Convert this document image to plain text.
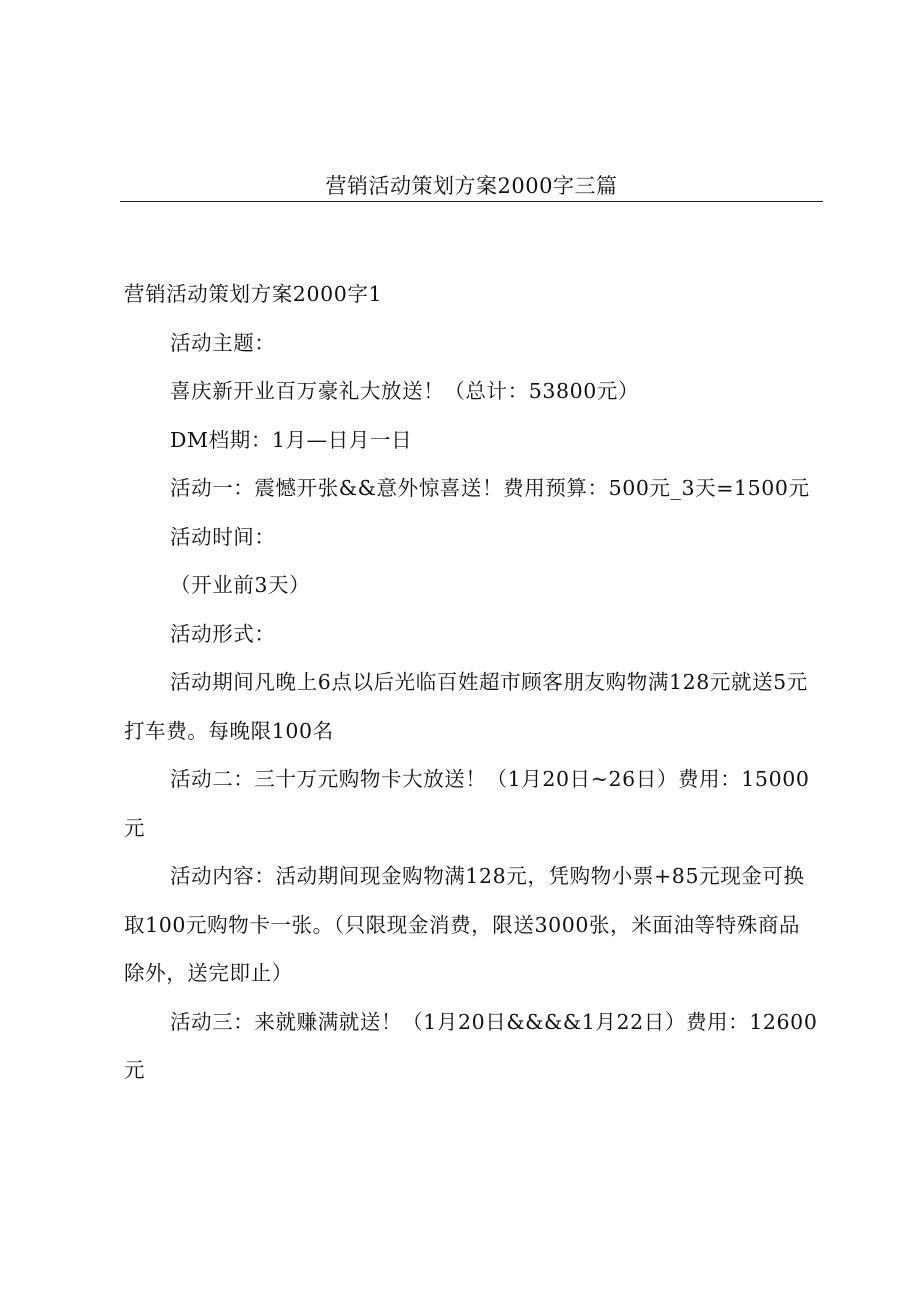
营销活动策划方案2000字三篇

营销活动策划方案2000字1

活动主题：

喜庆新开业百万豪礼大放送！（总计：53800元）

DM档期：1月—日月一日

活动一：震憾开张&&意外惊喜送！费用预算：500元_3天=1500元

活动时间：

（开业前3天）

活动形式：

活动期间凡晚上6点以后光临百姓超市顾客朋友购物满128元就送5元打车费。每晚限100名

活动二：三十万元购物卡大放送！（1月20日~26日）费用：15000元

活动内容：活动期间现金购物满128元，凭购物小票+85元现金可换取100元购物卡一张。（只限现金消费，限送3000张，米面油等特殊商品除外，送完即止）

活动三：来就赚满就送！（1月20日&&&&1月22日）费用：12600元
